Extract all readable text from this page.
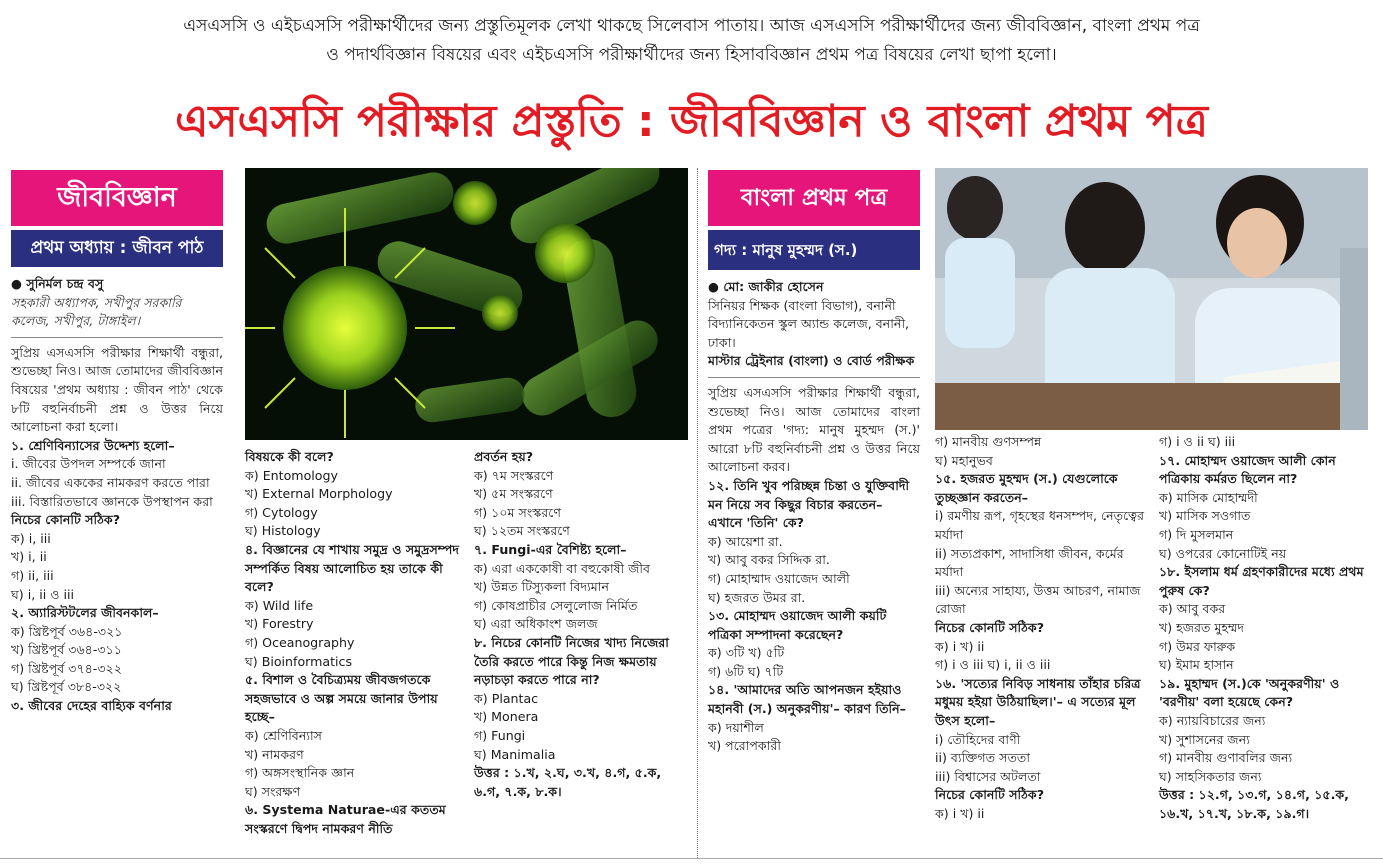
এসএসসি ও এইচএসসি পরীক্ষার্থীদের জন্য প্রস্তুতিমূলক লেখা থাকছে সিলেবাস পাতায়। আজ এসএসসি পরীক্ষার্থীদের জন্য জীববিজ্ঞান, বাংলা প্রথম পত্র
ও পদার্থবিজ্ঞান বিষয়ের এবং এইচএসসি পরীক্ষার্থীদের জন্য হিসাববিজ্ঞান প্রথম পত্র বিষয়ের লেখা ছাপা হলো।
এসএসসি পরীক্ষার প্রস্তুতি : জীববিজ্ঞান ও বাংলা প্রথম পত্র
জীববিজ্ঞান
প্রথম অধ্যায় : জীবন পাঠ
● সুনির্মল চন্দ্র বসু

সহকারী অধ্যাপক, সখীপুর সরকারি কলেজ, সখীপুর, টাঙ্গাইল।

সুপ্রিয় এসএসসি পরীক্ষার শিক্ষার্থী বন্ধুরা, শুভেচ্ছা নিও। আজ তোমাদের জীববিজ্ঞান বিষয়ের 'প্রথম অধ্যায় : জীবন পাঠ' থেকে ৮টি বহুনির্বাচনী প্রশ্ন ও উত্তর নিয়ে আলোচনা করা হলো।

১. শ্রেণিবিন্যাসের উদ্দেশ্য হলো–

i. জীবের উপদল সম্পর্কে জানা

ii. জীবের এককের নামকরণ করতে পারা

iii. বিস্তারিতভাবে জ্ঞানকে উপস্থাপন করা

নিচের কোনটি সঠিক?

ক) i, iii

খ) i, ii

গ) ii, iii

ঘ) i, ii ও iii

২. অ্যারিস্টটলের জীবনকাল–

ক) খ্রিষ্টপূর্ব ৩৬৪-৩২১

খ) খ্রিষ্টপূর্ব ৩৬৪-৩১১

গ) খ্রিষ্টপূর্ব ৩৭৪-৩২২

ঘ) খ্রিষ্টপূর্ব ৩৮৪-৩২২

৩. জীবের দেহের বাহ্যিক বর্ণনার

বিষয়কে কী বলে?

ক) Entomology

খ) External Morphology

গ) Cytology

ঘ) Histology

৪. বিজ্ঞানের যে শাখায় সমুদ্র ও সমুদ্রসম্পদ সম্পর্কিত বিষয় আলোচিত হয় তাকে কী বলে?

ক) Wild life

খ) Forestry

গ) Oceanography

ঘ) Bioinformatics

৫. বিশাল ও বৈচিত্র্যময় জীবজগতকে সহজভাবে ও অল্প সময়ে জানার উপায় হচ্ছে–

ক) শ্রেণিবিন্যাস

খ) নামকরণ

গ) অঙ্গসংস্থানিক জ্ঞান

ঘ) সংরক্ষণ

৬. Systema Naturae-এর কততম সংস্করণে দ্বিপদ নামকরণ নীতি

প্রবর্তন হয়?

ক) ৭ম সংস্করণে

খ) ৫ম সংস্করণে

গ) ১০ম সংস্করণে

ঘ) ১২তম সংস্করণে

৭. Fungi-এর বৈশিষ্ট্য হলো–

ক) এরা এককোষী বা বহুকোষী জীব

খ) উন্নত টিস্যুকলা বিদ্যমান

গ) কোষপ্রাচীর সেলুলোজ নির্মিত

ঘ) এরা অধিকাংশ জলজ

৮. নিচের কোনটি নিজের খাদ্য নিজেরা তৈরি করতে পারে কিন্তু নিজ ক্ষমতায় নড়াচড়া করতে পারে না?

ক) Plantac

খ) Monera

গ) Fungi

ঘ) Manimalia

উত্তর : ১.খ, ২.ঘ, ৩.খ, ৪.গ, ৫.ক, ৬.গ, ৭.ক, ৮.ক।

বাংলা প্রথম পত্র
গদ্য : মানুষ মুহম্মদ (স.)
● মো: জাকীর হোসেন

সিনিয়র শিক্ষক (বাংলা বিভাগ), বনানী বিদ্যানিকেতন স্কুল অ্যান্ড কলেজ, বনানী, ঢাকা।

মাস্টার ট্রেইনার (বাংলা) ও বোর্ড পরীক্ষক

সুপ্রিয় এসএসসি পরীক্ষার শিক্ষার্থী বন্ধুরা, শুভেচ্ছা নিও। আজ তোমাদের বাংলা প্রথম পত্রের 'গদ্য: মানুষ মুহম্মদ (স.)' আরো ৮টি বহুনির্বাচনী প্রশ্ন ও উত্তর নিয়ে আলোচনা করব।

১২. তিনি খুব পরিচ্ছন্ন চিন্তা ও যুক্তিবাদী মন নিয়ে সব কিছুর বিচার করতেন– এখানে 'তিনি' কে?

ক) আয়েশা রা.

খ) আবু বকর সিদ্দিক রা.

গ) মোহাম্মাদ ওয়াজেদ আলী

ঘ) হজরত উমর রা.

১৩. মোহাম্মদ ওয়াজেদ আলী কয়টি পত্রিকা সম্পাদনা করেছেন?

ক) ৩টি খ) ৫টি

গ) ৬টি ঘ) ৭টি

১৪. 'আমাদের অতি আপনজন হইয়াও মহানবী (স.) অনুকরণীয়'– কারণ তিনি–

ক) দয়াশীল

খ) পরোপকারী

গ) মানবীয় গুণসম্পন্ন

ঘ) মহানুভব

১৫. হজরত মুহম্মদ (স.) যেগুলোকে তুচ্ছজ্ঞান করতেন–

i) রমণীয় রূপ, গৃহস্থের ধনসম্পদ, নেতৃত্বের মর্যাদা

ii) সত্যপ্রকাশ, সাদাসিধা জীবন, কর্মের মর্যাদা

iii) অন্যের সাহায্য, উত্তম আচরণ, নামাজ রোজা

নিচের কোনটি সঠিক?

ক) i খ) ii

গ) i ও iii ঘ) i, ii ও iii

১৬. 'সত্যের নিবিড় সাধনায় তাঁহার চরিত্র মধুময় হইয়া উঠিয়াছিল।'– এ সত্যের মূল উৎস হলো–

i) তৌহিদের বাণী

ii) ব্যক্তিগত সততা

iii) বিশ্বাসের অটলতা

নিচের কোনটি সঠিক?

ক) i খ) ii

গ) i ও ii ঘ) iii

১৭. মোহাম্মদ ওয়াজেদ আলী কোন পত্রিকায় কর্মরত ছিলেন না?

ক) মাসিক মোহাম্মদী

খ) মাসিক সওগাত

গ) দি মুসলমান

ঘ) ওপরের কোনোটিই নয়

১৮. ইসলাম ধর্ম গ্রহণকারীদের মধ্যে প্রথম পুরুষ কে?

ক) আবু বকর

খ) হজরত মুহম্মদ

গ) উমর ফারুক

ঘ) ইমাম হাসান

১৯. মুহাম্মদ (স.)কে 'অনুকরণীয়' ও 'বরণীয়' বলা হয়েছে কেন?

ক) ন্যায়বিচারের জন্য

খ) সুশাসনের জন্য

গ) মানবীয় গুণাবলির জন্য

ঘ) সাহসিকতার জন্য

উত্তর : ১২.গ, ১৩.গ, ১৪.গ, ১৫.ক, ১৬.খ, ১৭.খ, ১৮.ক, ১৯.গ।
